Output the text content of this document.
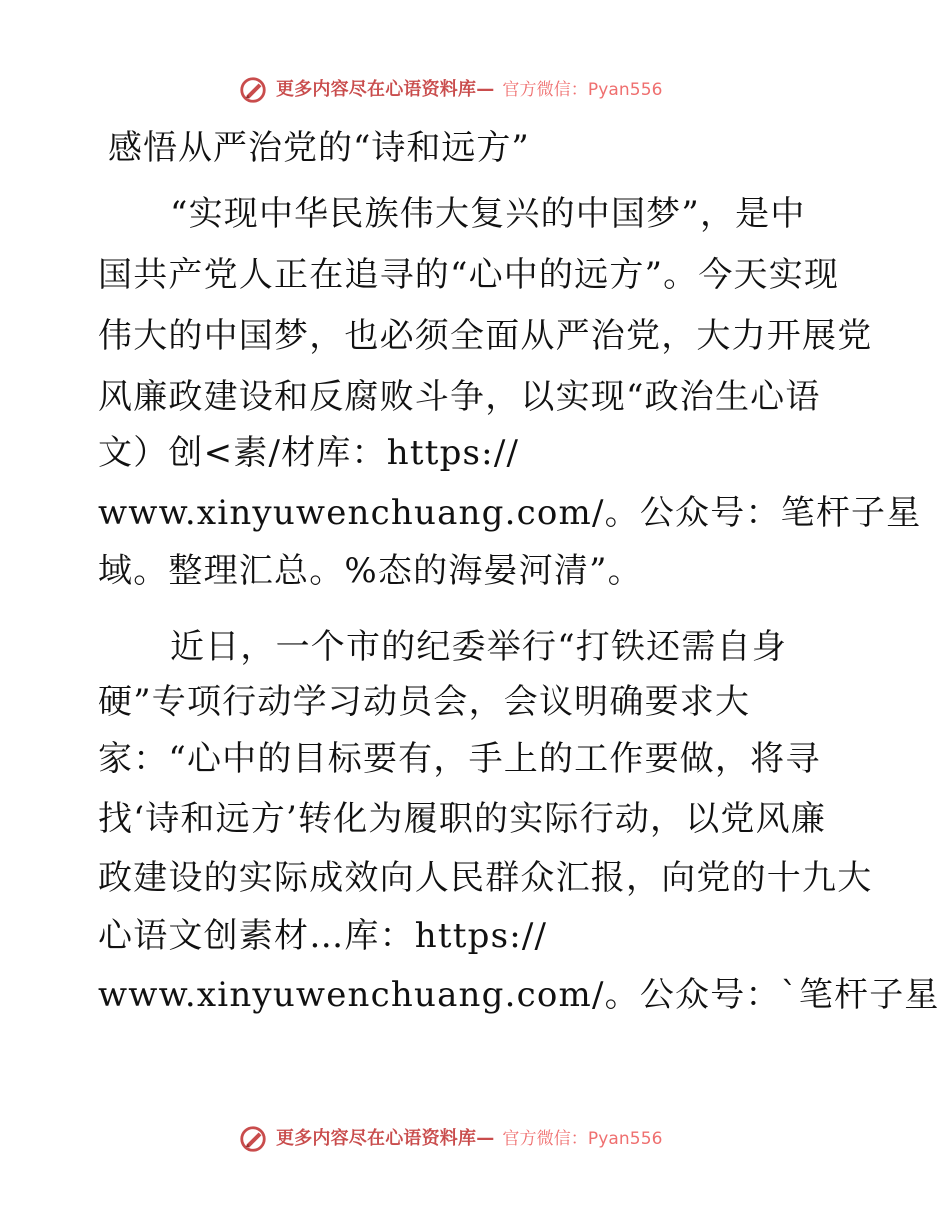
更多内容尽在心语资料库— 官方微信：Pyan556
感悟从严治党的“诗和远方”

“实现中华民族伟大复兴的中国梦”，是中

国共产党人正在追寻的“心中的远方”。今天实现

伟大的中国梦，也必须全面从严治党，大力开展党

风廉政建设和反腐败斗争，以实现“政治生心语

文）创<素/材库：https://

www.xinyuwenchuang.com/。公众号：笔杆子星

域。整理汇总。%态的海晏河清”。

近日，一个市的纪委举行“打铁还需自身

硬”专项行动学习动员会，会议明确要求大

家：“心中的目标要有，手上的工作要做，将寻

找‘诗和远方’转化为履职的实际行动，以党风廉

政建设的实际成效向人民群众汇报，向党的十九大

心语文创素材…库：https://

www.xinyuwenchuang.com/。公众号：`笔杆子星

更多内容尽在心语资料库— 官方微信：Pyan556
